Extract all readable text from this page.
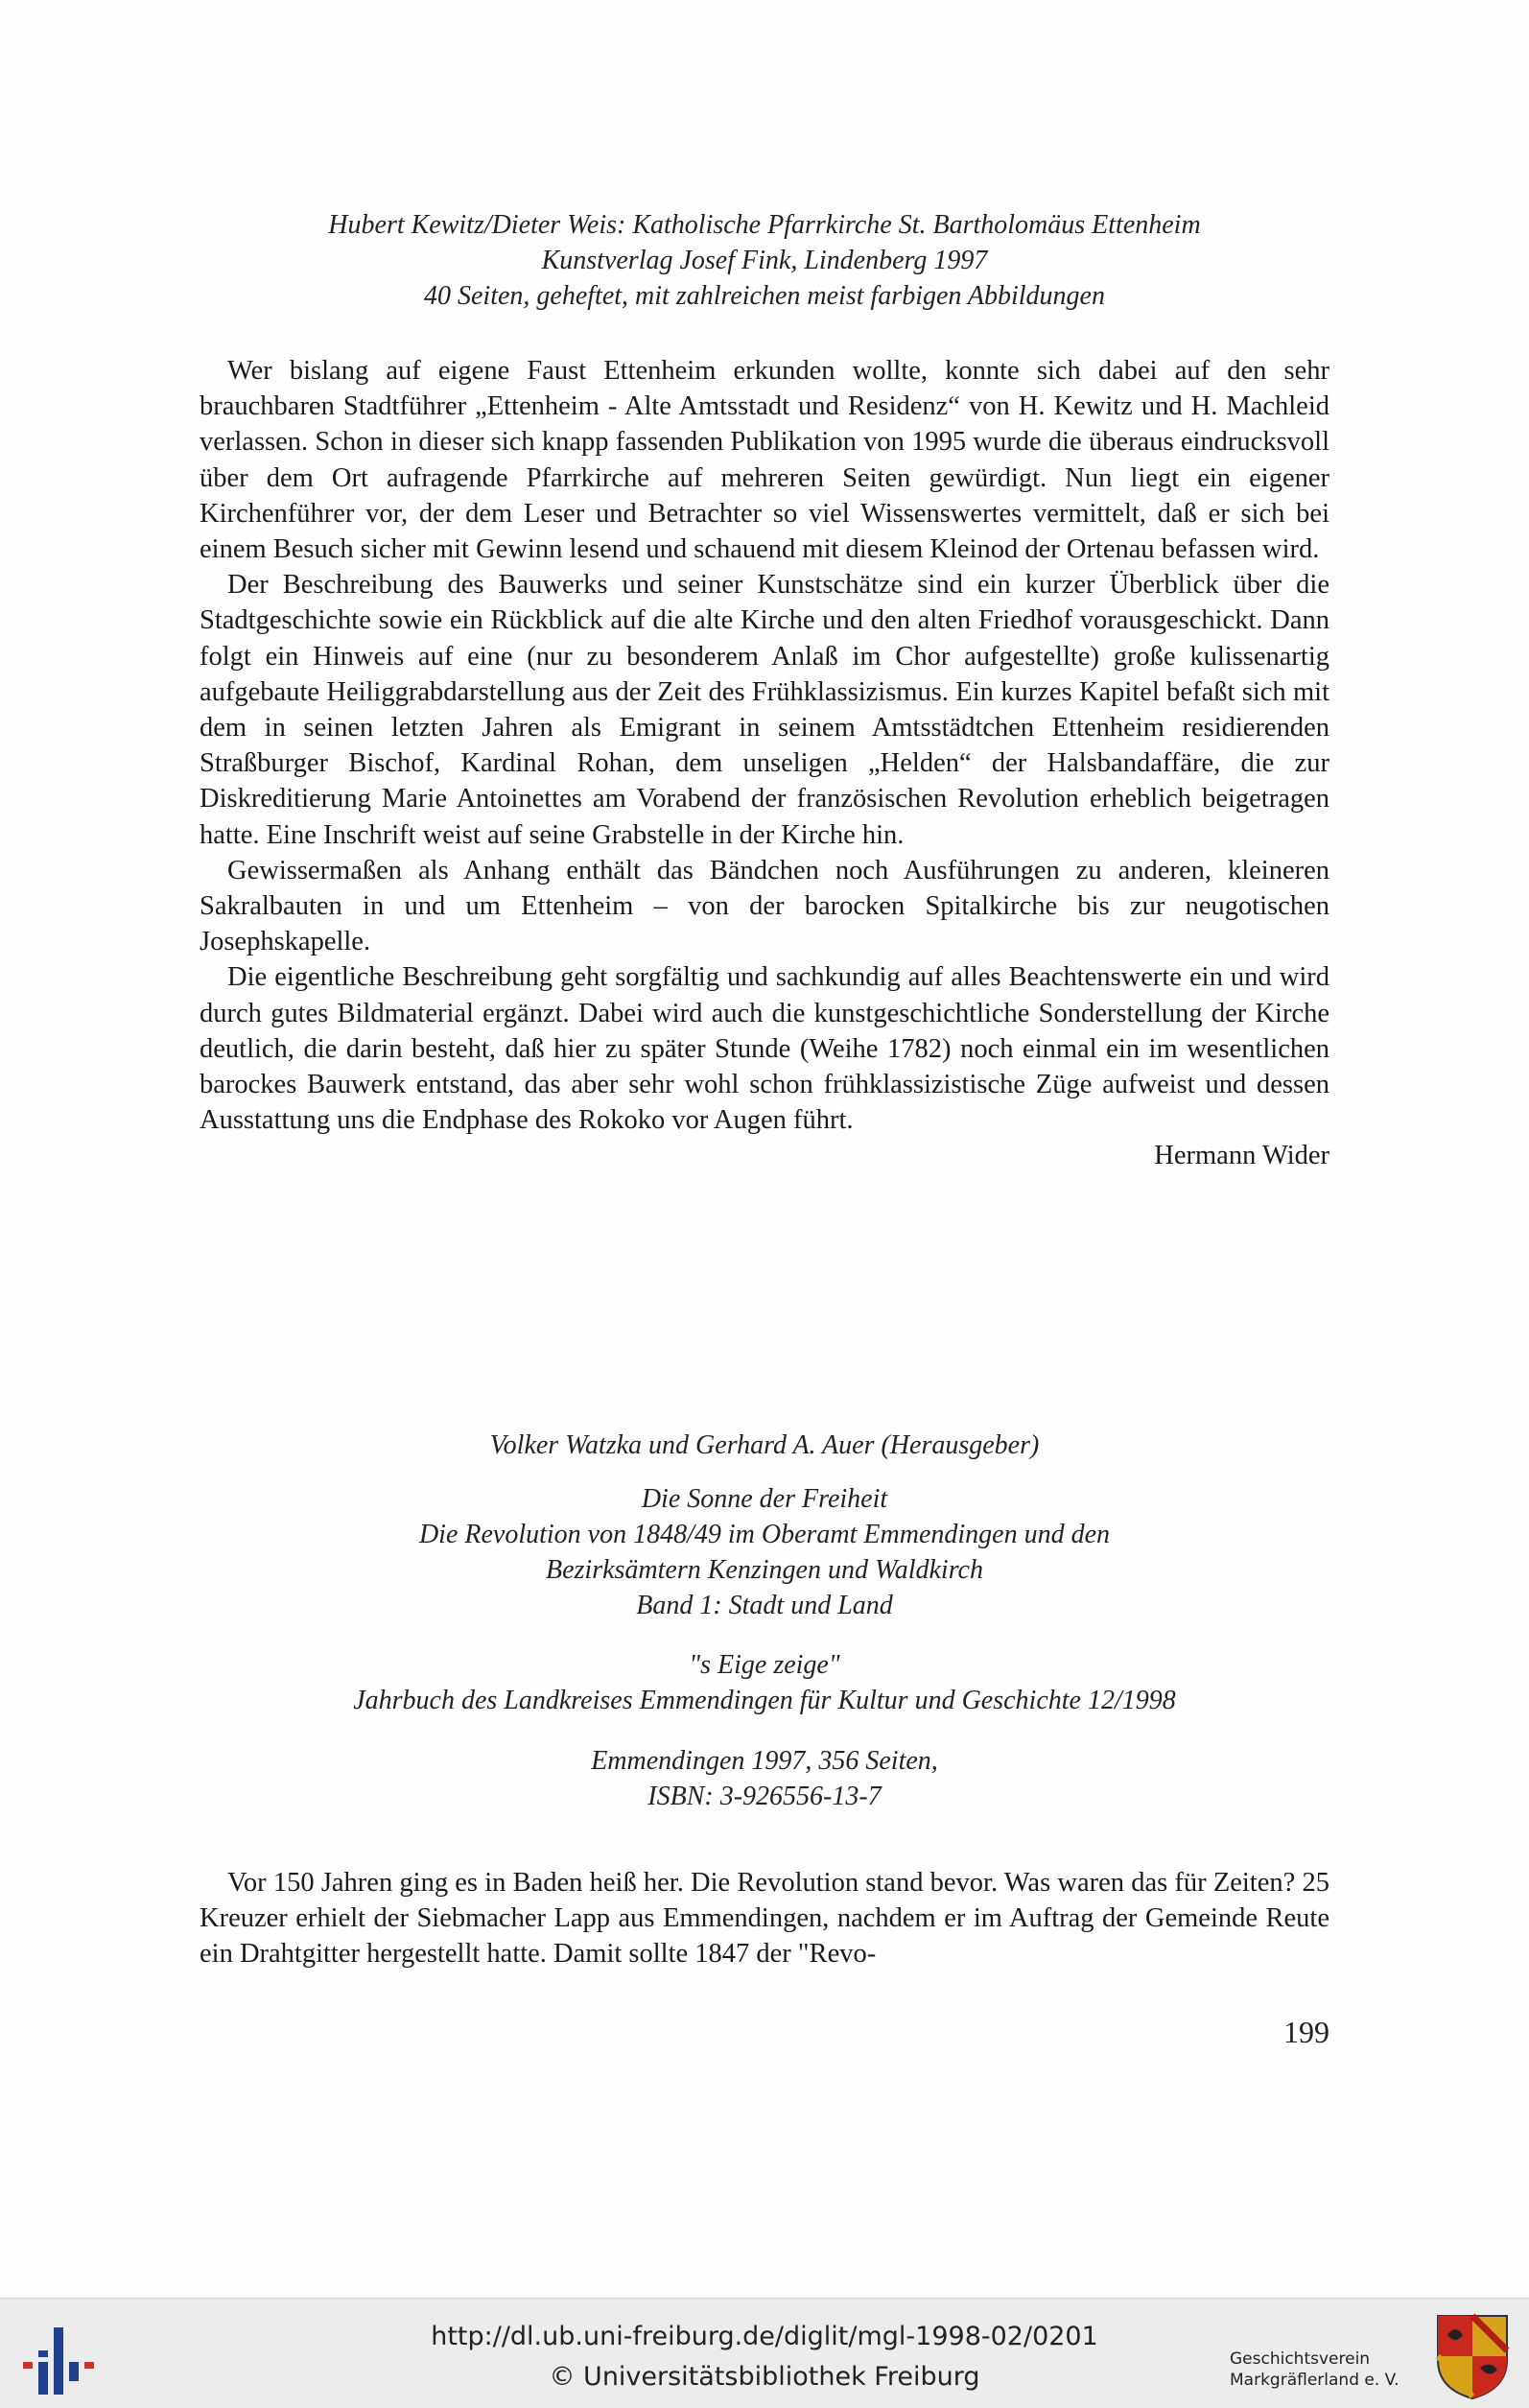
Hubert Kewitz/Dieter Weis: Katholische Pfarrkirche St. Bartholomäus Ettenheim
Kunstverlag Josef Fink, Lindenberg 1997
40 Seiten, geheftet, mit zahlreichen meist farbigen Abbildungen

Wer bislang auf eigene Faust Ettenheim erkunden wollte, konnte sich dabei auf den sehr brauchbaren Stadtführer „Ettenheim - Alte Amtsstadt und Residenz“ von H. Kewitz und H. Machleid verlassen. Schon in dieser sich knapp fassenden Publikation von 1995 wurde die überaus eindrucksvoll über dem Ort aufragende Pfarrkirche auf mehreren Seiten gewürdigt. Nun liegt ein eigener Kirchenführer vor, der dem Leser und Betrachter so viel Wissenswertes vermittelt, daß er sich bei einem Besuch sicher mit Gewinn lesend und schauend mit diesem Kleinod der Ortenau befassen wird.

Der Beschreibung des Bauwerks und seiner Kunstschätze sind ein kurzer Überblick über die Stadtgeschichte sowie ein Rückblick auf die alte Kirche und den alten Friedhof vorausgeschickt. Dann folgt ein Hinweis auf eine (nur zu besonderem Anlaß im Chor aufgestellte) große kulissenartig aufgebaute Heiliggrabdarstellung aus der Zeit des Frühklassizismus. Ein kurzes Kapitel befaßt sich mit dem in seinen letzten Jahren als Emigrant in seinem Amtsstädtchen Ettenheim residierenden Straßburger Bischof, Kardinal Rohan, dem unseligen „Helden“ der Halsbandaffäre, die zur Diskreditierung Marie Antoinettes am Vorabend der französischen Revolution erheblich beigetragen hatte. Eine Inschrift weist auf seine Grabstelle in der Kirche hin.

Gewissermaßen als Anhang enthält das Bändchen noch Ausführungen zu anderen, kleineren Sakralbauten in und um Ettenheim – von der barocken Spitalkirche bis zur neugotischen Josephskapelle.

Die eigentliche Beschreibung geht sorgfältig und sachkundig auf alles Beachtenswerte ein und wird durch gutes Bildmaterial ergänzt. Dabei wird auch die kunstgeschichtliche Sonderstellung der Kirche deutlich, die darin besteht, daß hier zu später Stunde (Weihe 1782) noch einmal ein im wesentlichen barockes Bauwerk entstand, das aber sehr wohl schon frühklassizistische Züge aufweist und dessen Ausstattung uns die Endphase des Rokoko vor Augen führt.

Hermann Wider

Volker Watzka und Gerhard A. Auer (Herausgeber)
Die Sonne der Freiheit
Die Revolution von 1848/49 im Oberamt Emmendingen und den
Bezirksämtern Kenzingen und Waldkirch
Band 1: Stadt und Land
"s Eige zeige"
Jahrbuch des Landkreises Emmendingen für Kultur und Geschichte 12/1998
Emmendingen 1997, 356 Seiten,
ISBN: 3-926556-13-7

Vor 150 Jahren ging es in Baden heiß her. Die Revolution stand bevor. Was waren das für Zeiten? 25 Kreuzer erhielt der Siebmacher Lapp aus Emmendingen, nachdem er im Auftrag der Gemeinde Reute ein Drahtgitter hergestellt hatte. Damit sollte 1847 der "Revo-

199
http://dl.ub.uni-freiburg.de/diglit/mgl-1998-02/0201
© Universitätsbibliothek Freiburg
Geschichtsverein
Markgräflerland e. V.
